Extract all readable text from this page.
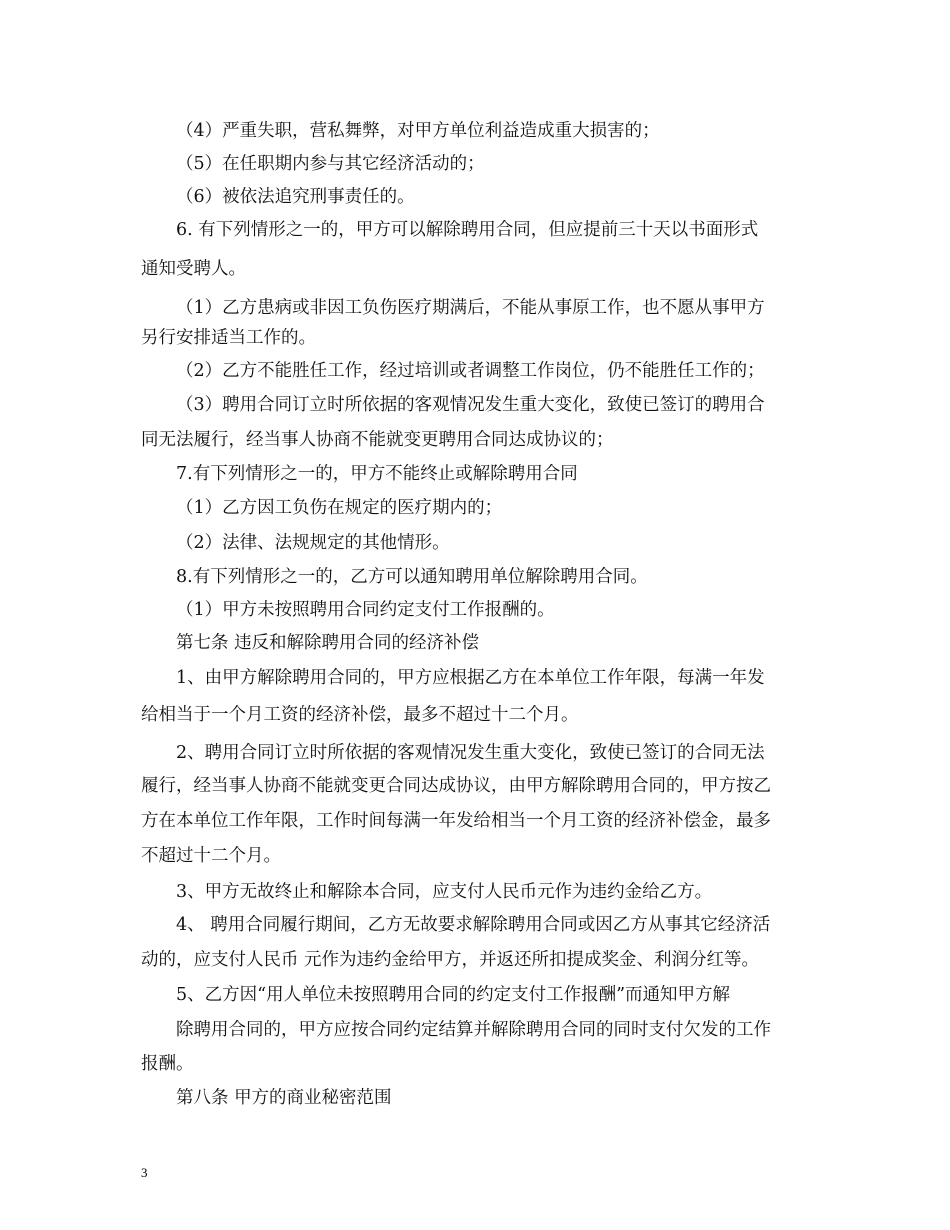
（4）严重失职，营私舞弊，对甲方单位利益造成重大损害的；
（5）在任职期内参与其它经济活动的；
（6）被依法追究刑事责任的。
6. 有下列情形之一的，甲方可以解除聘用合同，但应提前三十天以书面形式
通知受聘人。
（1）乙方患病或非因工负伤医疗期满后，不能从事原工作，也不愿从事甲方
另行安排适当工作的。
（2）乙方不能胜任工作，经过培训或者调整工作岗位，仍不能胜任工作的；
（3）聘用合同订立时所依据的客观情况发生重大变化，致使已签订的聘用合
同无法履行，经当事人协商不能就变更聘用合同达成协议的；
7.有下列情形之一的，甲方不能终止或解除聘用合同
（1）乙方因工负伤在规定的医疗期内的；
（2）法律、法规规定的其他情形。
8.有下列情形之一的，乙方可以通知聘用单位解除聘用合同。
（1）甲方未按照聘用合同约定支付工作报酬的。
第七条 违反和解除聘用合同的经济补偿
1、由甲方解除聘用合同的，甲方应根据乙方在本单位工作年限，每满一年发
给相当于一个月工资的经济补偿，最多不超过十二个月。
2、聘用合同订立时所依据的客观情况发生重大变化，致使已签订的合同无法
履行，经当事人协商不能就变更合同达成协议，由甲方解除聘用合同的，甲方按乙
方在本单位工作年限，工作时间每满一年发给相当一个月工资的经济补偿金，最多
不超过十二个月。
3、甲方无故终止和解除本合同，应支付人民币元作为违约金给乙方。
4、 聘用合同履行期间，乙方无故要求解除聘用合同或因乙方从事其它经济活
动的，应支付人民币 元作为违约金给甲方，并返还所扣提成奖金、利润分红等。
5、乙方因“用人单位未按照聘用合同的约定支付工作报酬”而通知甲方解
除聘用合同的，甲方应按合同约定结算并解除聘用合同的同时支付欠发的工作
报酬。
第八条 甲方的商业秘密范围
3
